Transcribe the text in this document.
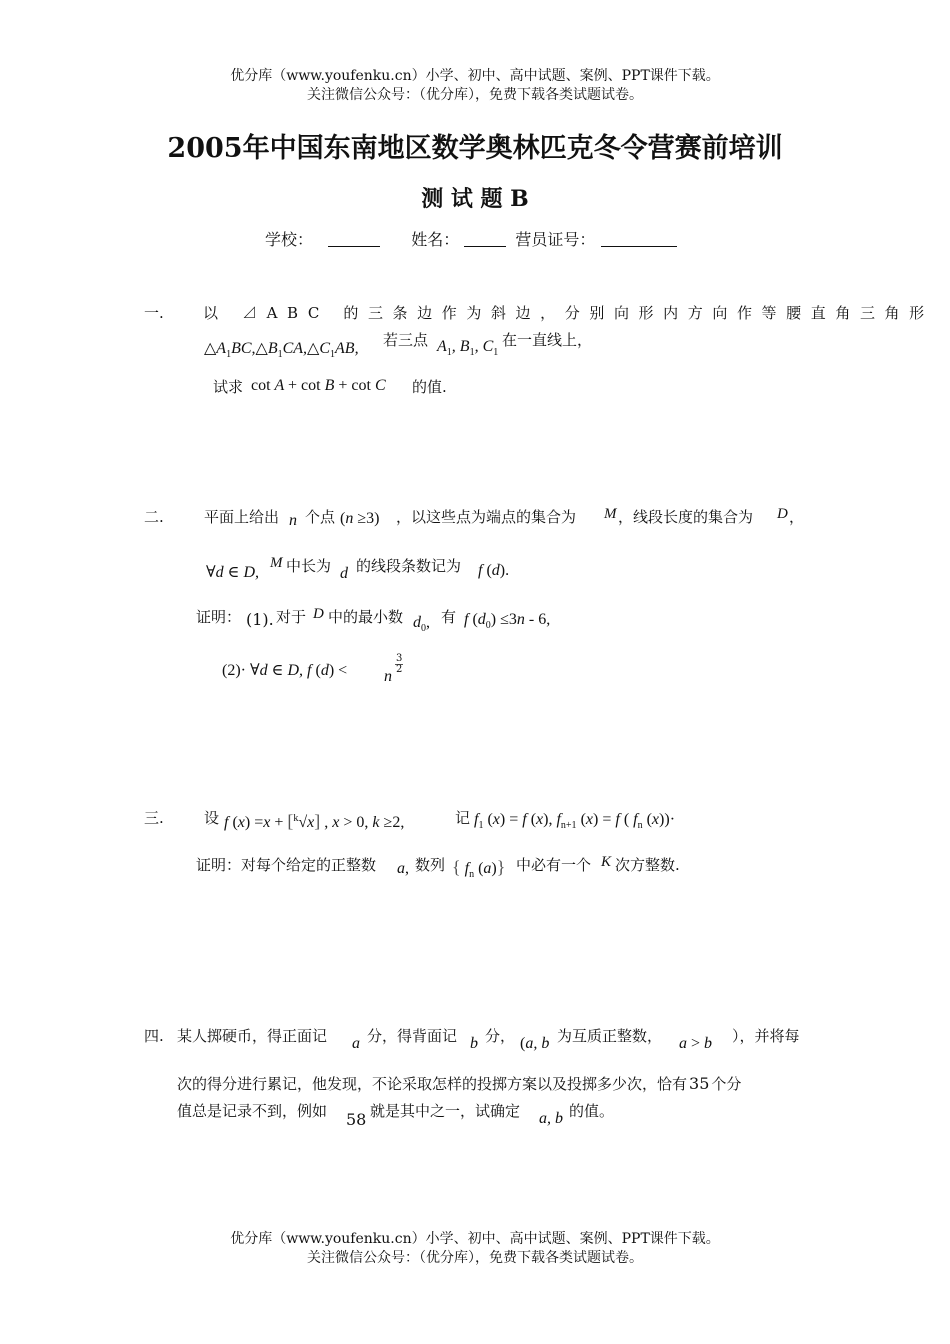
优分库（www.youfenku.cn）小学、初中、高中试题、案例、PPT课件下载。
关注微信公众号：（优分库），免费下载各类试题试卷。
2005年中国东南地区数学奥林匹克冬令营赛前培训
测 试 题 B
学校：	姓名：	营员证号：
一.	以 ⊿ABC 的三条边作为斜边，分别向形内方向作等腰直角三角形
$\triangle A_1BC,\triangle B_1CA,\triangle C_1AB$, 若三点 $A_1$, $B_1$, $C_1$
在一直线上，
试求 cot A + cot B + cot C 的值.
二.	平面上给出 n 个点 (n ≥3) ，以这些点为端点的集合为 M ，线段长度的集合为 D ，
∀d ∈ D,
M 中长为 d 的线段条数记为 f (d).
证明： (1). 对于 D 中的最小数 $d_0$, 有 f $(d_0) \le 3n - 6$,
(2)· ∀d ∈ D, f (d) < n
$\frac{3}{2}$
三.	设 f (x) =x + [$^k$√x] , x > 0, k ≥2,	记 $f_1$ (x) = f (x), $f_{n+1}$ (x) = f ( $f_n$ (x))·
证明：对每个给定的正整数 a, 数列 { $f_n$ (a)} 中必有一个 K 次方整数.
四. 某人掷硬币，得正面记 a 分，得背面记 b 分， (a, b 为互质正整数， a > b ），并将每
次的得分进行累记，他发现，不论采取怎样的投掷方案以及投掷多少次，恰有 35 个分
值总是记录不到，例如 58 就是其中之一，试确定 a, b 的值。
优分库（www.youfenku.cn）小学、初中、高中试题、案例、PPT课件下载。
关注微信公众号：（优分库），免费下载各类试题试卷。
